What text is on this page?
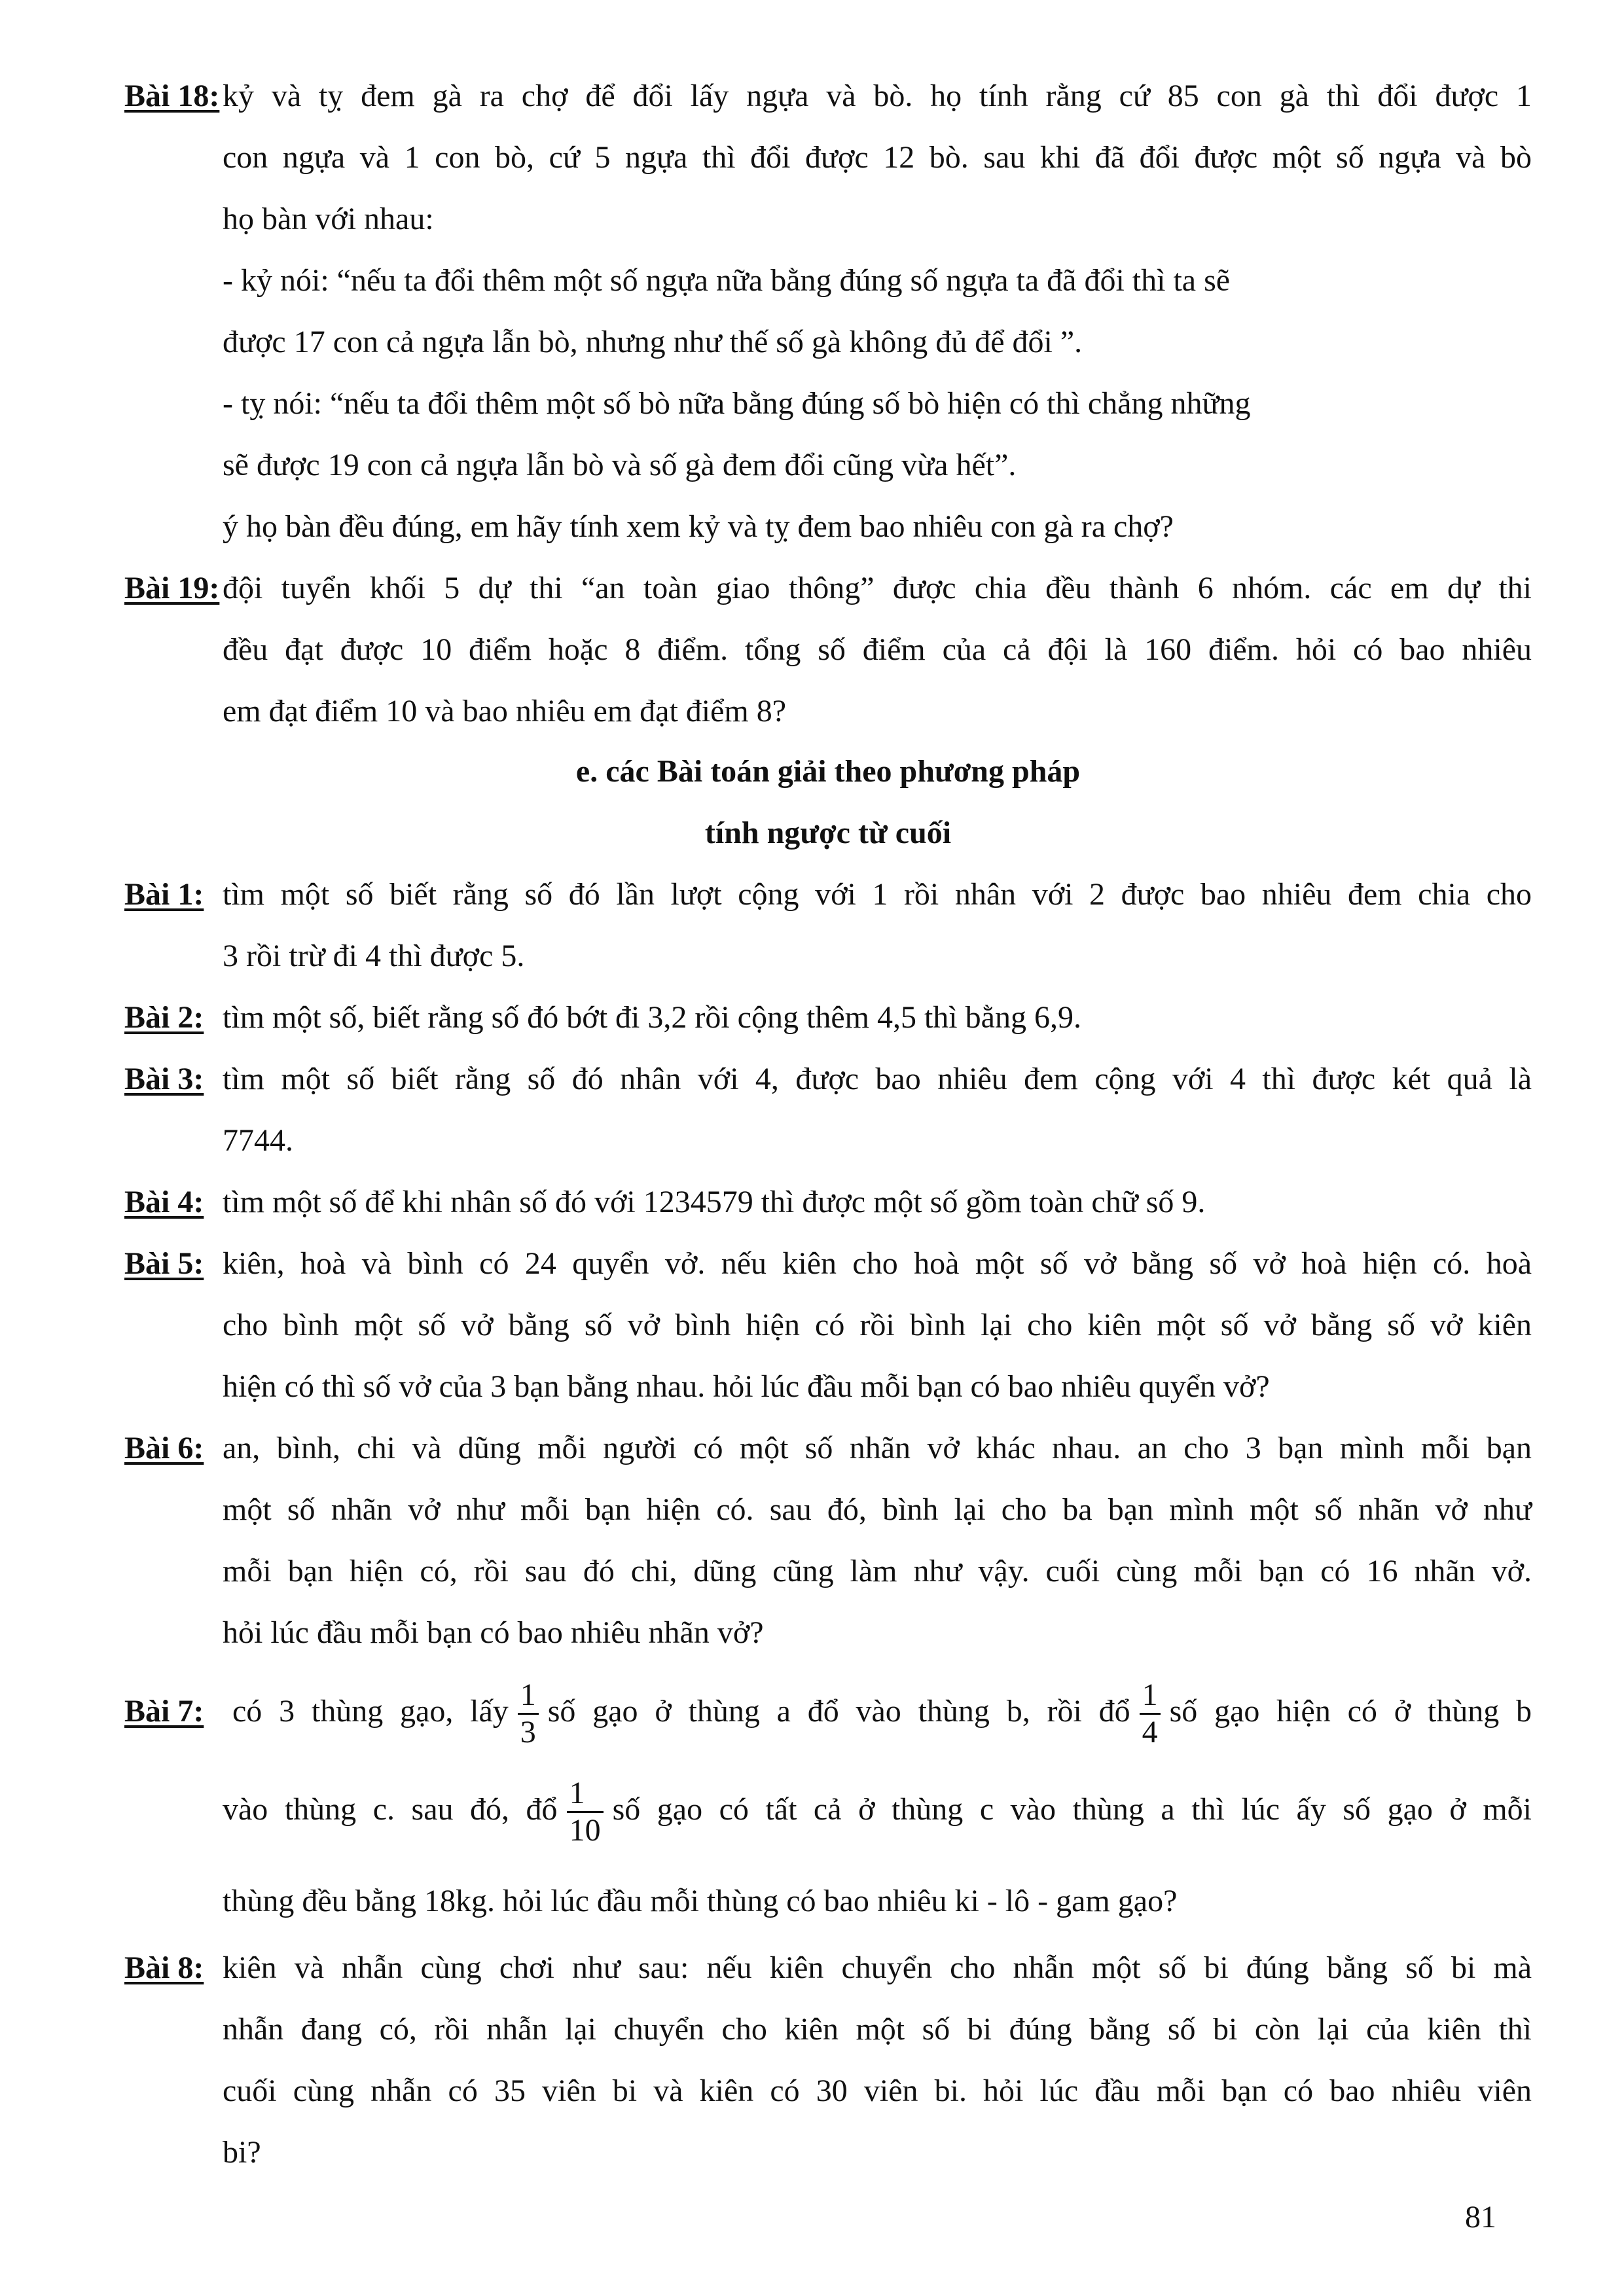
Bài 18: kỷ và tỵ đem gà ra chợ để đổi lấy ngựa và bò. họ tính rằng cứ 85 con gà thì đổi được 1
con ngựa và 1 con bò, cứ 5 ngựa thì đổi được 12 bò. sau khi đã đổi được một số ngựa và bò
họ bàn với nhau:
- kỷ nói: “nếu ta đổi thêm một số ngựa nữa bằng đúng số ngựa ta đã đổi thì ta sẽ
được 17 con cả ngựa lẫn bò, nhưng như thế số gà không đủ để đổi ”.
- tỵ nói: “nếu ta đổi thêm một số bò nữa bằng đúng số bò hiện có thì chẳng những
sẽ được 19 con cả ngựa lẫn bò và số gà đem đổi cũng vừa hết”.
ý họ bàn đều đúng, em hãy tính xem kỷ và tỵ đem bao nhiêu con gà ra chợ?
Bài 19: đội tuyển khối 5 dự thi “an toàn giao thông” được chia đều thành 6 nhóm. các em dự thi
đều đạt được 10 điểm hoặc 8 điểm. tổng số điểm của cả đội là 160 điểm. hỏi có bao nhiêu
em đạt điểm 10 và bao nhiêu em đạt điểm 8?
e. các Bài toán giải theo phương pháp
tính ngược từ cuối
Bài 1: tìm một số biết rằng số đó lần lượt cộng với 1 rồi nhân với 2 được bao nhiêu đem chia cho
3 rồi trừ đi 4 thì được 5.
Bài 2: tìm một số, biết rằng số đó bớt đi 3,2 rồi cộng thêm 4,5 thì bằng 6,9.
Bài 3: tìm một số biết rằng số đó nhân với 4, được bao nhiêu đem cộng với 4 thì được két quả là
7744.
Bài 4: tìm một số để khi nhân số đó với 1234579 thì được một số gồm toàn chữ số 9.
Bài 5: kiên, hoà và bình có 24 quyển vở. nếu kiên cho hoà một số vở bằng số vở hoà hiện có. hoà
cho bình một số vở bằng số vở bình hiện có rồi bình lại cho kiên một số vở bằng số vở kiên
hiện có thì số vở của 3 bạn bằng nhau. hỏi lúc đầu mỗi bạn có bao nhiêu quyển vở?
Bài 6: an, bình, chi và dũng mỗi người có một số nhãn vở khác nhau. an cho 3 bạn mình mỗi bạn
một số nhãn vở như mỗi bạn hiện có. sau đó, bình lại cho ba bạn mình một số nhãn vở như
mỗi bạn hiện có, rồi sau đó chi, dũng cũng làm như vậy. cuối cùng mỗi bạn có 16 nhãn vở.
hỏi lúc đầu mỗi bạn có bao nhiêu nhãn vở?
Bài 7: có 3 thùng gạo, lấy $\frac{1}{3}$ số gạo ở thùng a đổ vào thùng b, rồi đổ $\frac{1}{4}$ số gạo hiện có ở thùng b
vào thùng c. sau đó, đổ $\frac{1}{10}$ số gạo có tất cả ở thùng c vào thùng a thì lúc ấy số gạo ở mỗi
thùng đều bằng 18kg. hỏi lúc đầu mỗi thùng có bao nhiêu ki - lô - gam gạo?
Bài 8: kiên và nhẫn cùng chơi như sau: nếu kiên chuyển cho nhẫn một số bi đúng bằng số bi mà
nhẫn đang có, rồi nhẫn lại chuyển cho kiên một số bi đúng bằng số bi còn lại của kiên thì
cuối cùng nhẫn có 35 viên bi và kiên có 30 viên bi. hỏi lúc đầu mỗi bạn có bao nhiêu viên
bi?
81
